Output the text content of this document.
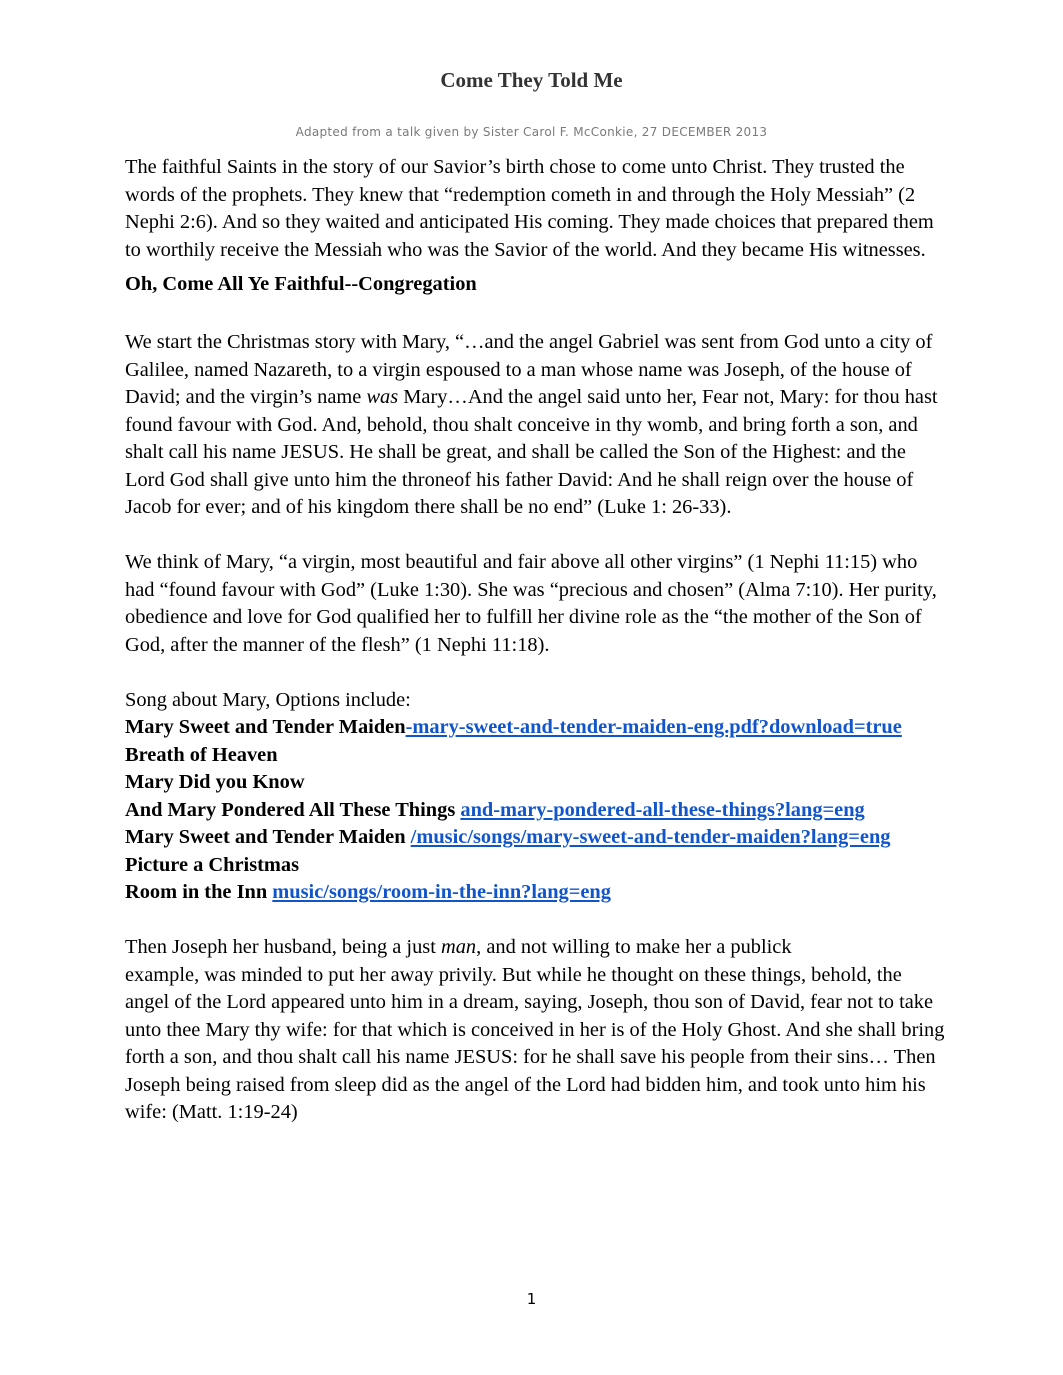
Come They Told Me
Adapted from a talk given by Sister Carol F. McConkie, 27 DECEMBER 2013

The faithful Saints in the story of our Savior’s birth chose to come unto Christ. They trusted the words of the prophets. They knew that “redemption cometh in and through the Holy Messiah” (2 Nephi 2:6). And so they waited and anticipated His coming. They made choices that prepared them to worthily receive the Messiah who was the Savior of the world. And they became His witnesses.

Oh, Come All Ye Faithful--Congregation

We start the Christmas story with Mary, “…and the angel Gabriel was sent from God unto a city of Galilee, named Nazareth, to a virgin espoused to a man whose name was Joseph, of the house of David; and the virgin’s name was Mary…And the angel said unto her, Fear not, Mary: for thou hast found favour with God. And, behold, thou shalt conceive in thy womb, and bring forth a son, and shalt call his name JESUS. He shall be great, and shall be called the Son of the Highest: and the Lord God shall give unto him the throneof his father David: And he shall reign over the house of Jacob for ever; and of his kingdom there shall be no end” (Luke 1: 26-33).

We think of Mary, “a virgin, most beautiful and fair above all other virgins” (1 Nephi 11:15) who had “found favour with God” (Luke 1:30). She was “precious and chosen” (Alma 7:10). Her purity, obedience and love for God qualified her to fulfill her divine role as the “the mother of the Son of God, after the manner of the flesh” (1 Nephi 11:18).

Song about Mary, Options include:

Mary Sweet and Tender Maiden-mary-sweet-and-tender-maiden-eng.pdf?download=true

Breath of Heaven

Mary Did you Know

And Mary Pondered All These Things and-mary-pondered-all-these-things?lang=eng

Mary Sweet and Tender Maiden /music/songs/mary-sweet-and-tender-maiden?lang=eng

Picture a Christmas

Room in the Inn music/songs/room-in-the-inn?lang=eng

Then Joseph her husband, being a just man, and not willing to make her a publick
example, was minded to put her away privily. But while he thought on these things, behold, the angel of the Lord appeared unto him in a dream, saying, Joseph, thou son of David, fear not to take unto thee Mary thy wife: for that which is conceived in her is of the Holy Ghost. And she shall bring forth a son, and thou shalt call his name JESUS: for he shall save his people from their sins… Then Joseph being raised from sleep did as the angel of the Lord had bidden him, and took unto him his wife: (Matt. 1:19-24)

1
